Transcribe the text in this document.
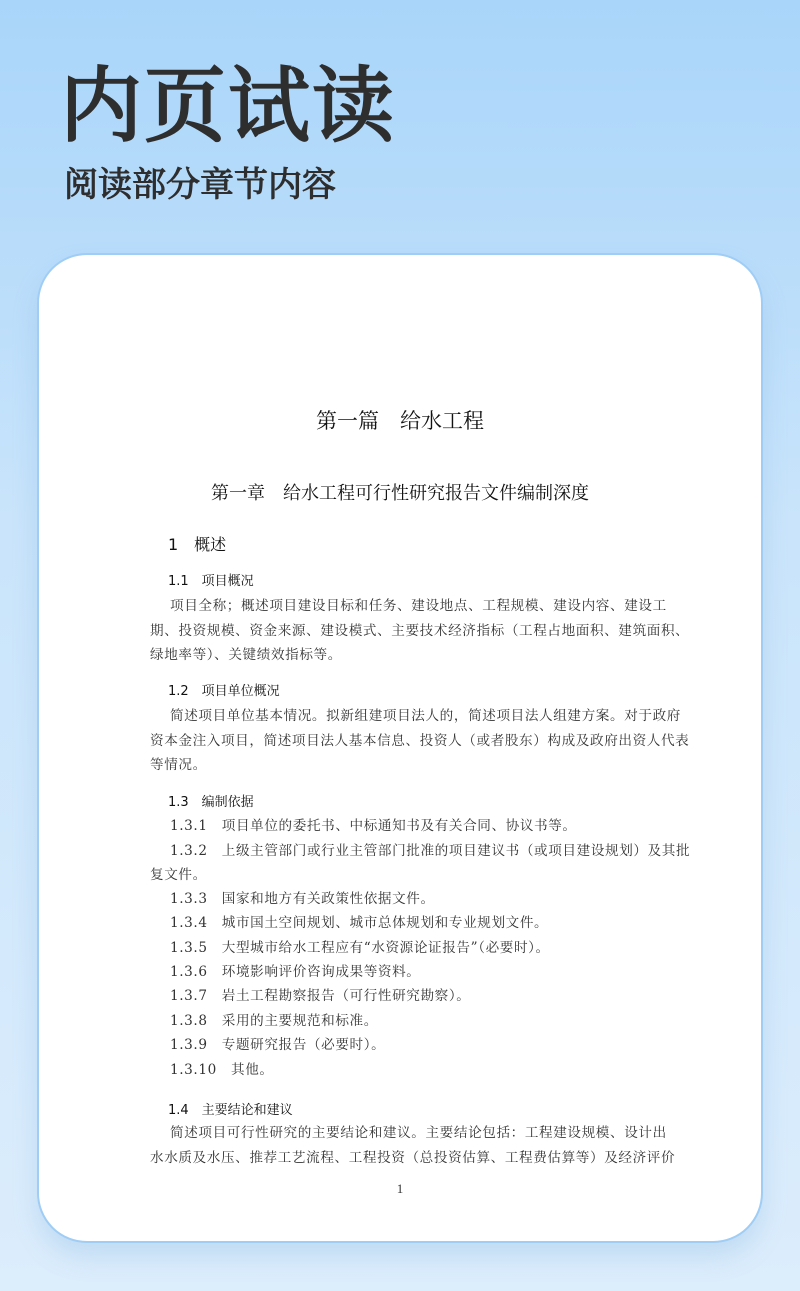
内页试读
阅读部分章节内容
第一篇　给水工程
第一章　给水工程可行性研究报告文件编制深度
1　概述
1
1.1　项目概况
项目全称；概述项目建设目标和任务、建设地点、工程规模、建设内容、建设工
期、投资规模、资金来源、建设模式、主要技术经济指标（工程占地面积、建筑面积、
绿地率等）、关键绩效指标等。
1.2　项目单位概况
简述项目单位基本情况。拟新组建项目法人的，简述项目法人组建方案。对于政府
资本金注入项目，简述项目法人基本信息、投资人（或者股东）构成及政府出资人代表
等情况。
1.3　编制依据
1.3.1　项目单位的委托书、中标通知书及有关合同、协议书等。
1.3.2　上级主管部门或行业主管部门批准的项目建议书（或项目建设规划）及其批
复文件。
1.3.3　国家和地方有关政策性依据文件。
1.3.4　城市国土空间规划、城市总体规划和专业规划文件。
1.3.5　大型城市给水工程应有“水资源论证报告”（必要时）。
1.3.6　环境影响评价咨询成果等资料。
1.3.7　岩土工程勘察报告（可行性研究勘察）。
1.3.8　采用的主要规范和标准。
1.3.9　专题研究报告（必要时）。
1.3.10　其他。
1.4　主要结论和建议
简述项目可行性研究的主要结论和建议。主要结论包括：工程建设规模、设计出
水水质及水压、推荐工艺流程、工程投资（总投资估算、工程费估算等）及经济评价
